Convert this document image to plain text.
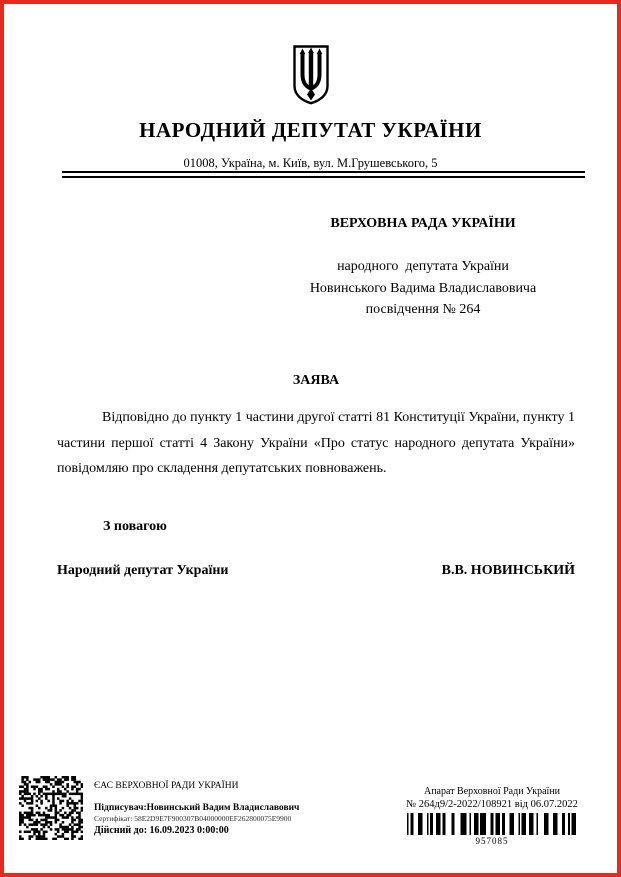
НАРОДНИЙ ДЕПУТАТ УКРАЇНИ
01008, Україна, м. Київ, вул. М.Грушевського, 5
ВЕРХОВНА РАДА УКРАЇНИ
народного  депутата України
Новинського Вадима Владиславовича
посвідчення № 264
ЗАЯВА
Відповідно до пункту 1 частини другої статті 81 Конституції України, пункту 1 частини першої статті 4 Закону України «Про статус народного депутата України» повідомляю про складення депутатських повноважень.
З повагою
Народний депутат України	В.В. НОВИНСЬКИЙ
ЄАС ВЕРХОВНОЇ РАДИ УКРАЇНИ
Підписувач:Новинський Вадим Владиславович
Сертифікат: 58E2D9E7F900307B04000000EF262800075E9900
Дійсний до: 16.09.2023 0:00:00
Апарат Верховної Ради України
№ 264д9/2-2022/108921 від 06.07.2022
957085
